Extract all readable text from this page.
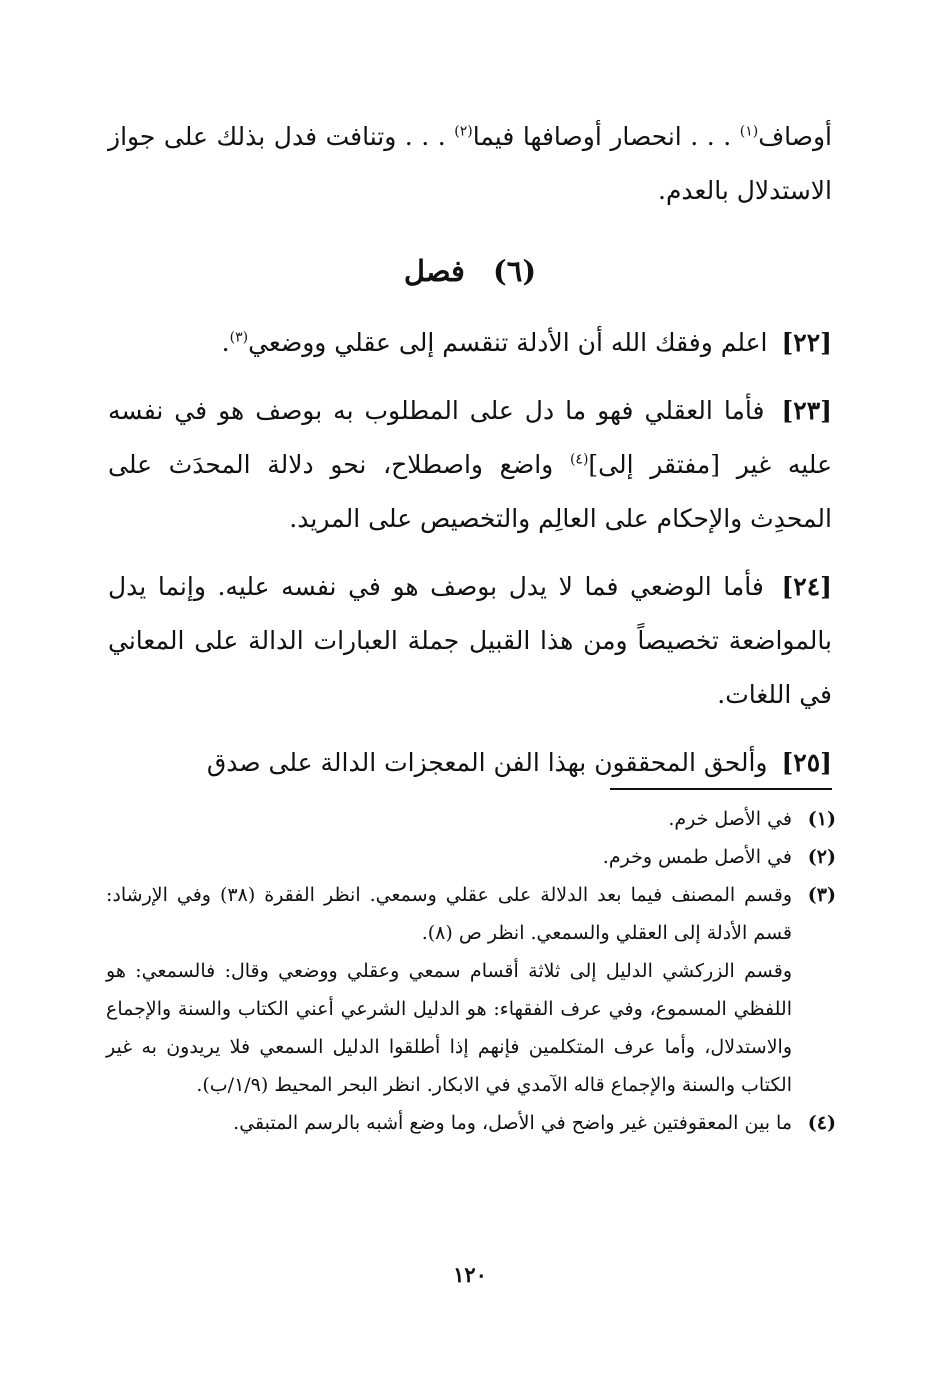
أوصاف$^{(١)}$ . . . انحصار أوصافها فيما$^{(٢)}$ . . . وتنافت فدل بذلك على جواز الاستدلال بالعدم.

(٦) فصل

[٢٢] اعلم وفقك الله أن الأدلة تنقسم إلى عقلي ووضعي$^{(٣)}$.

[٢٣] فأما العقلي فهو ما دل على المطلوب به بوصف هو في نفسه عليه غير [مفتقر إلى]$^{(٤)}$ واضع واصطلاح، نحو دلالة المحدَث على المحدِث والإحكام على العالِم والتخصيص على المريد.

[٢٤] فأما الوضعي فما لا يدل بوصف هو في نفسه عليه. وإنما يدل بالمواضعة تخصيصاً ومن هذا القبيل جملة العبارات الدالة على المعاني في اللغات.

[٢٥] وألحق المحققون بهذا الفن المعجزات الدالة على صدق

(١)
في الأصل خرم.
(٢)
في الأصل طمس وخرم.
(٣)
وقسم المصنف فيما بعد الدلالة على عقلي وسمعي. انظر الفقرة (٣٨) وفي الإرشاد: قسم الأدلة إلى العقلي والسمعي. انظر ص (٨).
وقسم الزركشي الدليل إلى ثلاثة أقسام سمعي وعقلي ووضعي وقال: فالسمعي: هو اللفظي المسموع، وفي عرف الفقهاء: هو الدليل الشرعي أعني الكتاب والسنة والإجماع والاستدلال، وأما عرف المتكلمين فإنهم إذا أطلقوا الدليل السمعي فلا يريدون به غير الكتاب والسنة والإجماع قاله الآمدي في الابكار. انظر البحر المحيط (١/٩/ب).
(٤)
ما بين المعقوفتين غير واضح في الأصل، وما وضع أشبه بالرسم المتبقي.
١٢٠
